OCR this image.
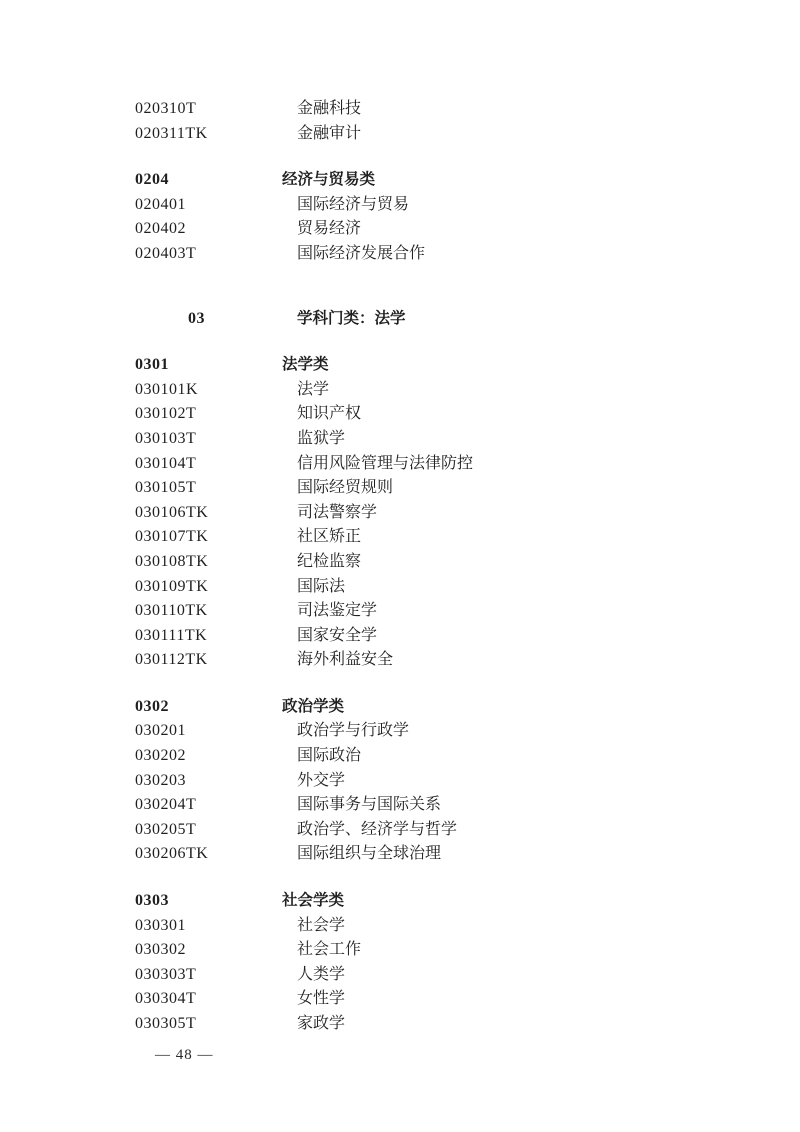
020310T	金融科技
020311TK	金融审计
0204	经济与贸易类
020401	国际经济与贸易
020402	贸易经济
020403T	国际经济发展合作
03	学科门类：法学
0301	法学类
030101K	法学
030102T	知识产权
030103T	监狱学
030104T	信用风险管理与法律防控
030105T	国际经贸规则
030106TK	司法警察学
030107TK	社区矫正
030108TK	纪检监察
030109TK	国际法
030110TK	司法鉴定学
030111TK	国家安全学
030112TK	海外利益安全
0302	政治学类
030201	政治学与行政学
030202	国际政治
030203	外交学
030204T	国际事务与国际关系
030205T	政治学、经济学与哲学
030206TK	国际组织与全球治理
0303	社会学类
030301	社会学
030302	社会工作
030303T	人类学
030304T	女性学
030305T	家政学
— 48 —
